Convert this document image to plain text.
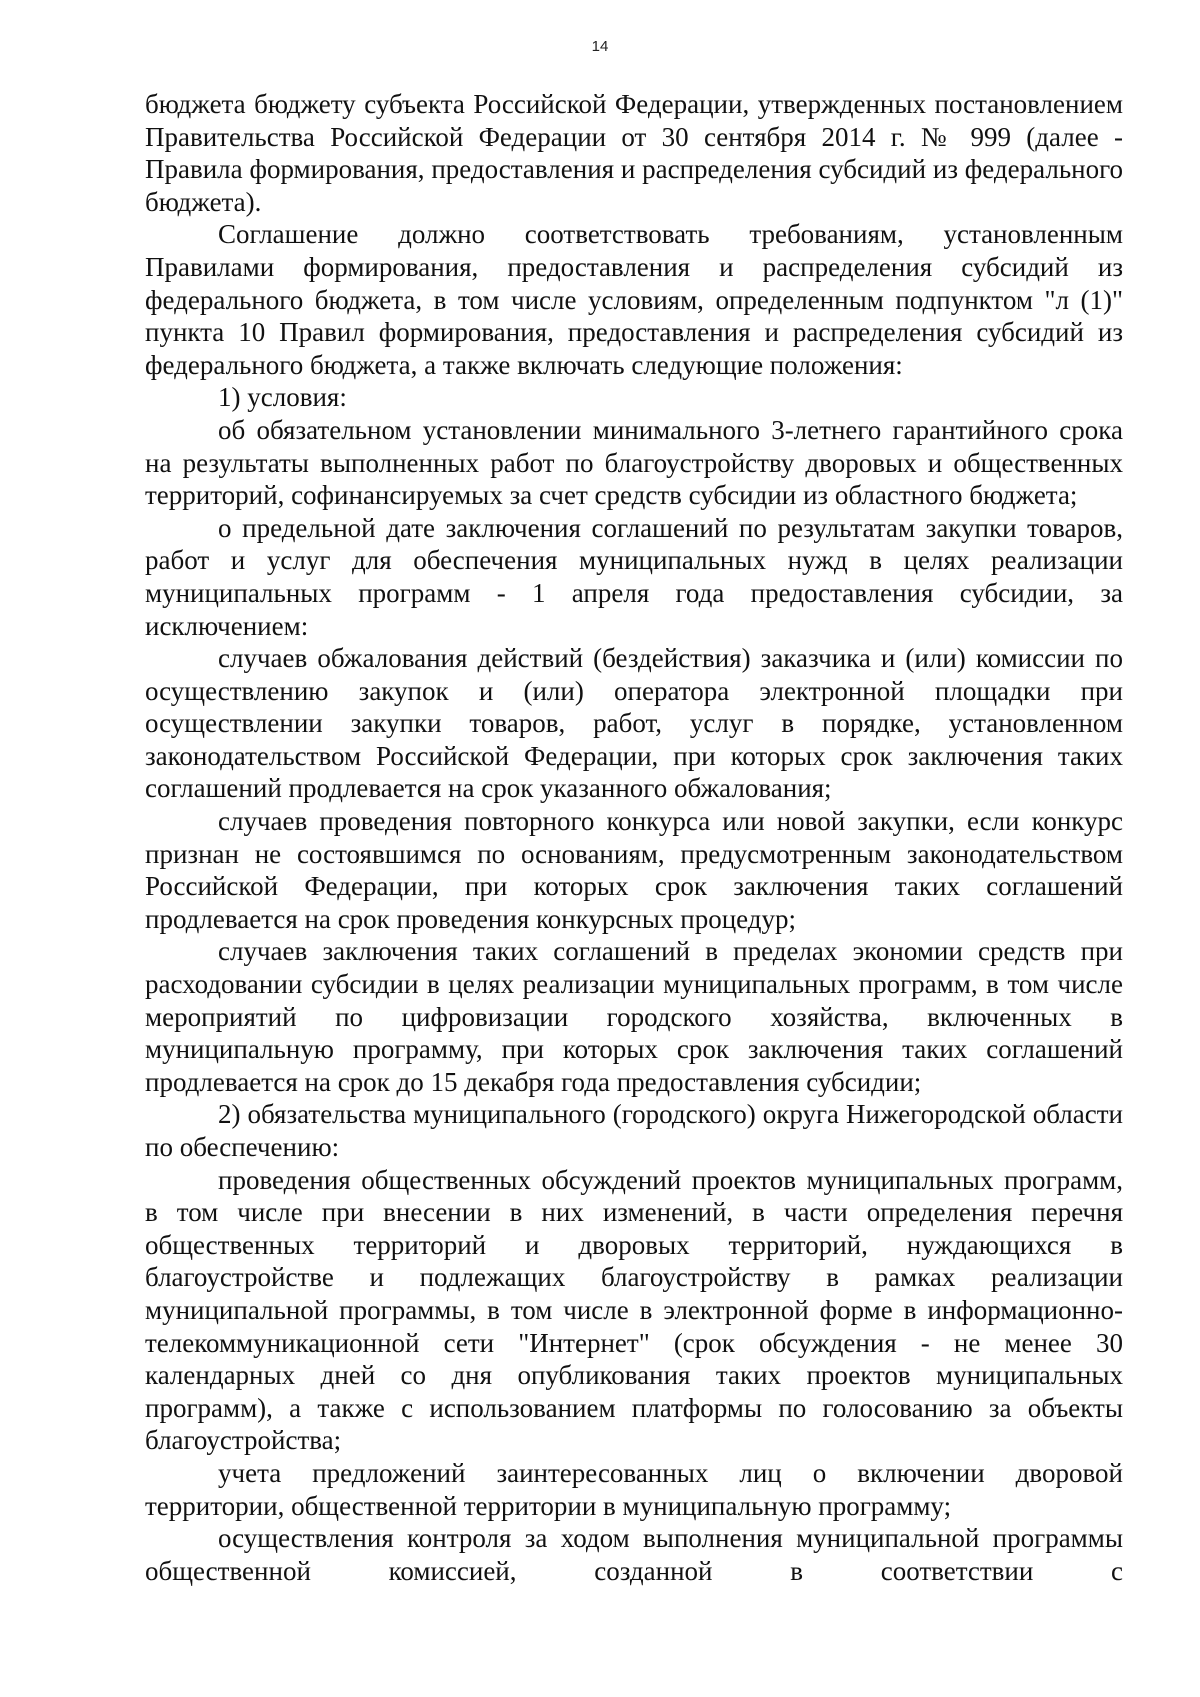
14

бюджета бюджету субъекта Российской Федерации, утвержденных постановлением Правительства Российской Федерации от 30 сентября 2014 г. № 999 (далее - Правила формирования, предоставления и распределения субсидий из федерального бюджета).

Соглашение должно соответствовать требованиям, установленным Правилами формирования, предоставления и распределения субсидий из федерального бюджета, в том числе условиям, определенным подпунктом "л (1)" пункта 10 Правил формирования, предоставления и распределения субсидий из федерального бюджета, а также включать следующие положения:

1) условия:

об обязательном установлении минимального 3-летнего гарантийного срока на результаты выполненных работ по благоустройству дворовых и общественных территорий, софинансируемых за счет средств субсидии из областного бюджета;

о предельной дате заключения соглашений по результатам закупки товаров, работ и услуг для обеспечения муниципальных нужд в целях реализации муниципальных программ - 1 апреля года предоставления субсидии, за исключением:

случаев обжалования действий (бездействия) заказчика и (или) комиссии по осуществлению закупок и (или) оператора электронной площадки при осуществлении закупки товаров, работ, услуг в порядке, установленном законодательством Российской Федерации, при которых срок заключения таких соглашений продлевается на срок указанного обжалования;

случаев проведения повторного конкурса или новой закупки, если конкурс признан не состоявшимся по основаниям, предусмотренным законодательством Российской Федерации, при которых срок заключения таких соглашений продлевается на срок проведения конкурсных процедур;

случаев заключения таких соглашений в пределах экономии средств при расходовании субсидии в целях реализации муниципальных программ, в том числе мероприятий по цифровизации городского хозяйства, включенных в муниципальную программу, при которых срок заключения таких соглашений продлевается на срок до 15 декабря года предоставления субсидии;

2) обязательства муниципального (городского) округа Нижегородской области по обеспечению:

проведения общественных обсуждений проектов муниципальных программ, в том числе при внесении в них изменений, в части определения перечня общественных территорий и дворовых территорий, нуждающихся в благоустройстве и подлежащих благоустройству в рамках реализации муниципальной программы, в том числе в электронной форме в информационно-телекоммуникационной сети "Интернет" (срок обсуждения - не менее 30 календарных дней со дня опубликования таких проектов муниципальных программ), а также с использованием платформы по голосованию за объекты благоустройства;

учета предложений заинтересованных лиц о включении дворовой территории, общественной территории в муниципальную программу;

осуществления контроля за ходом выполнения муниципальной программы общественной комиссией, созданной в соответствии с
